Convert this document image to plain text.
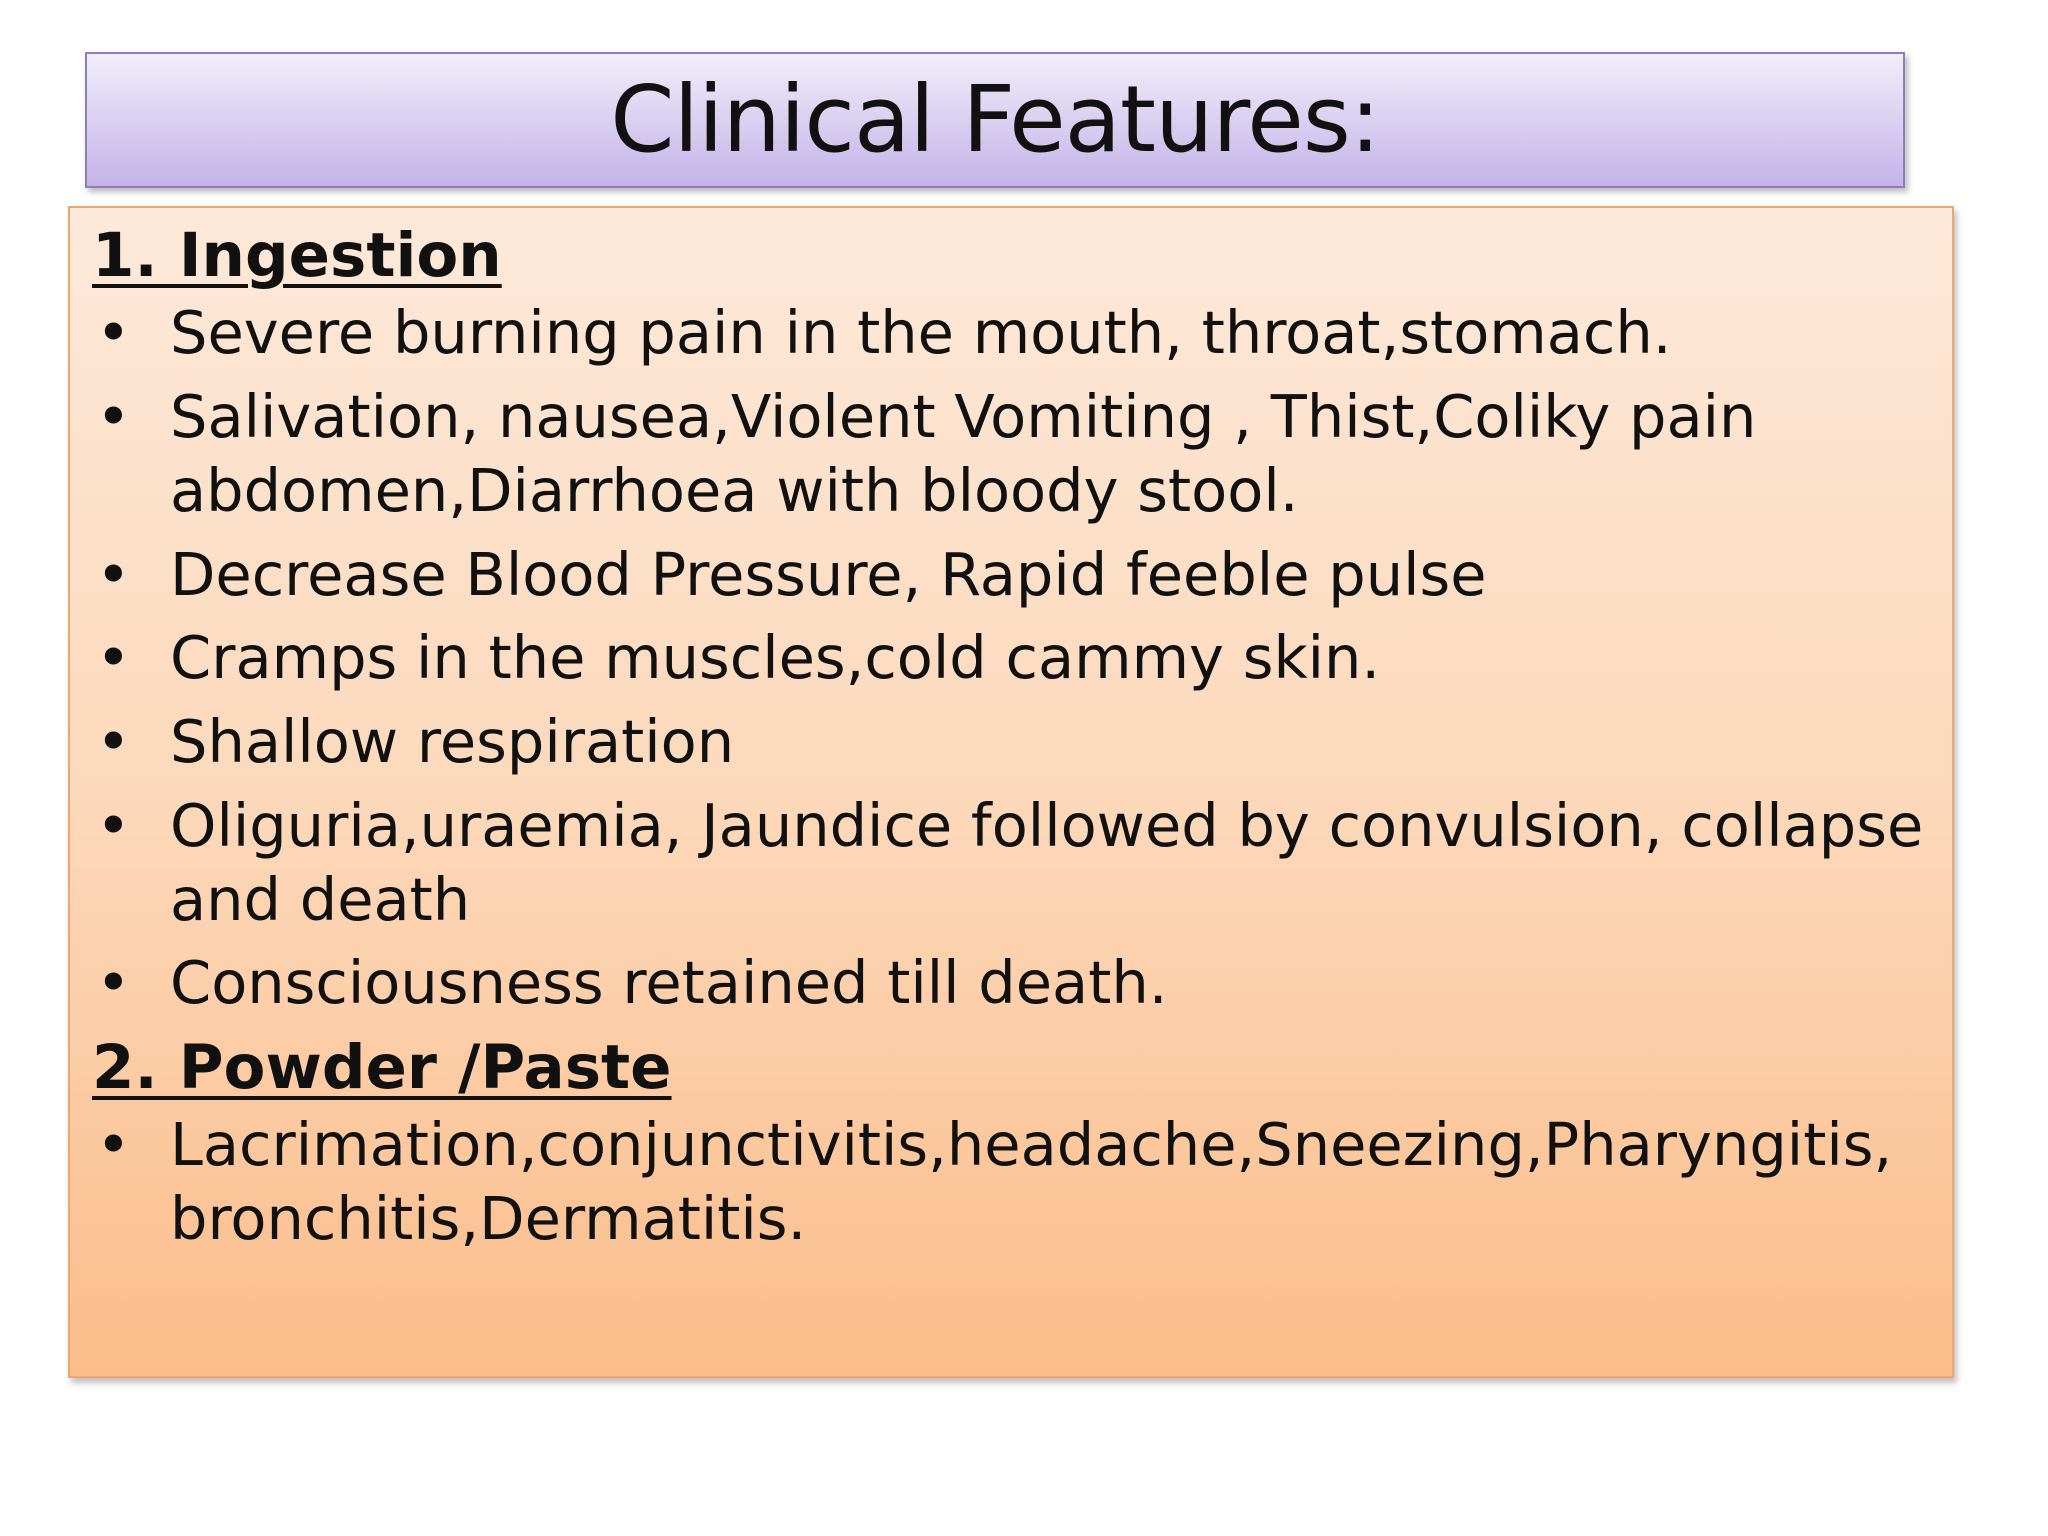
Clinical Features:

1. Ingestion

• Severe burning pain in the mouth, throat,stomach.
• Salivation, nausea,Violent Vomiting , Thist,Coliky pain abdomen,Diarrhoea with bloody stool.
• Decrease Blood Pressure, Rapid feeble pulse
• Cramps in the muscles,cold cammy skin.
• Shallow respiration
• Oliguria,uraemia, Jaundice followed by convulsion, collapse and death
• Consciousness retained till death.

2. Powder /Paste

• Lacrimation,conjunctivitis,headache,Sneezing,Pharyngitis,bronchitis,Dermatitis.
